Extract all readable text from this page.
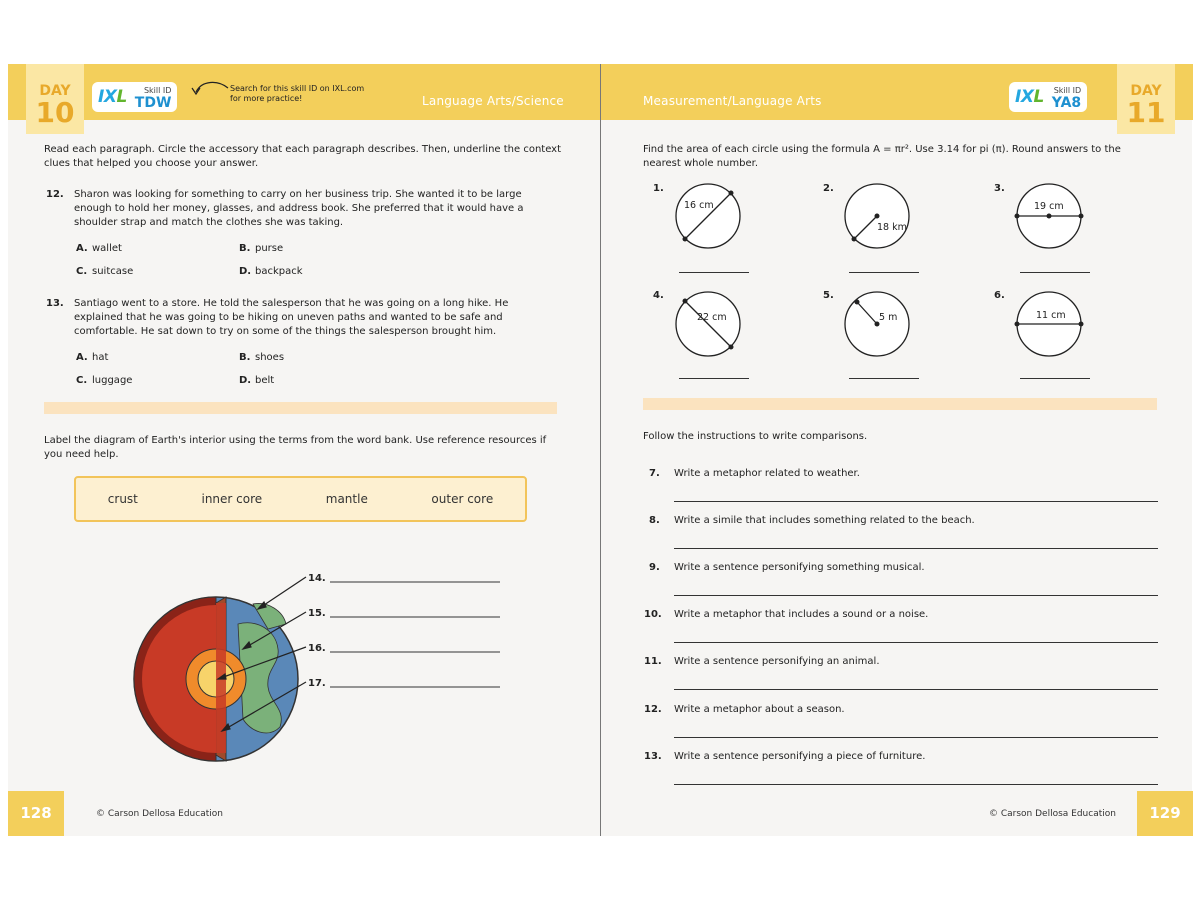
Language Arts/Science
DAY
10	IXL	Skill ID
TDW
Search for this skill ID on IXL.com for more practice!
Read each paragraph. Circle the accessory that each paragraph describes. Then, underline the context clues that helped you choose your answer.
12. Sharon was looking for something to carry on her business trip. She wanted it to be large enough to hold her money, glasses, and address book. She preferred that it would have a shoulder strap and match the clothes she was taking.
A. wallet	B. purse
C. suitcase	D. backpack
13. Santiago went to a store. He told the salesperson that he was going on a long hike. He explained that he was going to be hiking on uneven paths and wanted to be safe and comfortable. He sat down to try on some of the things the salesperson brought him.
A. hat	B. shoes
C. luggage	D. belt
Label the diagram of Earth's interior using the terms from the word bank. Use reference resources if you need help.
crust	inner core	mantle	outer core
14.
15.
16.
17.
128	© Carson Dellosa Education
Measurement/Language Arts	IXL Skill ID
YA8
DAY
11
Find the area of each circle using the formula A = πr². Use 3.14 for pi (π). Round answers to the nearest whole number.
1.
16 cm
2.
18 km
3.
19 cm
4.
22 cm
5.
5 m
6.
11 cm
Follow the instructions to write comparisons.
7. Write a metaphor related to weather.
8. Write a simile that includes something related to the beach.
9. Write a sentence personifying something musical.
10. Write a metaphor that includes a sound or a noise.
11. Write a sentence personifying an animal.
12. Write a metaphor about a season.
13. Write a sentence personifying a piece of furniture.
© Carson Dellosa Education	129
